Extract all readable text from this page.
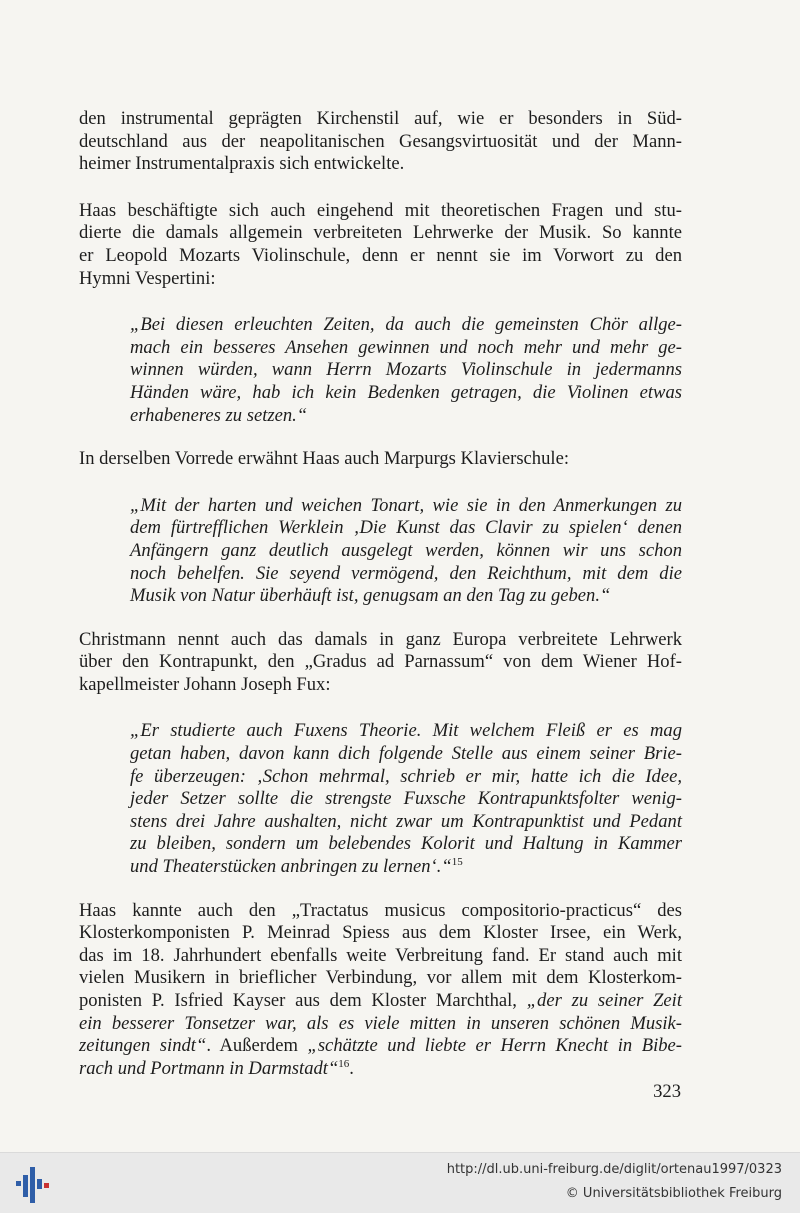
den instrumental geprägten Kirchenstil auf, wie er besonders in Süd-
deutschland aus der neapolitanischen Gesangsvirtuosität und der Mann-
heimer Instrumentalpraxis sich entwickelte.

Haas beschäftigte sich auch eingehend mit theoretischen Fragen und stu-
dierte die damals allgemein verbreiteten Lehrwerke der Musik. So kannte
er Leopold Mozarts Violinschule, denn er nennt sie im Vorwort zu den
Hymni Vespertini:

„Bei diesen erleuchten Zeiten, da auch die gemeinsten Chör allge-
mach ein besseres Ansehen gewinnen und noch mehr und mehr ge-
winnen würden, wann Herrn Mozarts Violinschule in jedermanns
Händen wäre, hab ich kein Bedenken getragen, die Violinen etwas
erhabeneres zu setzen.“

In derselben Vorrede erwähnt Haas auch Marpurgs Klavierschule:

„Mit der harten und weichen Tonart, wie sie in den Anmerkungen zu
dem fürtrefflichen Werklein ‚Die Kunst das Clavir zu spielen‘ denen
Anfängern ganz deutlich ausgelegt werden, können wir uns schon
noch behelfen. Sie seyend vermögend, den Reichthum, mit dem die
Musik von Natur überhäuft ist, genugsam an den Tag zu geben.“

Christmann nennt auch das damals in ganz Europa verbreitete Lehrwerk
über den Kontrapunkt, den „Gradus ad Parnassum“ von dem Wiener Hof-
kapellmeister Johann Joseph Fux:

„Er studierte auch Fuxens Theorie. Mit welchem Fleiß er es mag
getan haben, davon kann dich folgende Stelle aus einem seiner Brie-
fe überzeugen: ‚Schon mehrmal, schrieb er mir, hatte ich die Idee,
jeder Setzer sollte die strengste Fuxsche Kontrapunktsfolter wenig-
stens drei Jahre aushalten, nicht zwar um Kontrapunktist und Pedant
zu bleiben, sondern um belebendes Kolorit und Haltung in Kammer
und Theaterstücken anbringen zu lernen‘.“$^{15}$

Haas kannte auch den „Tractatus musicus compositorio-practicus“ des
Klosterkomponisten P. Meinrad Spiess aus dem Kloster Irsee, ein Werk,
das im 18. Jahrhundert ebenfalls weite Verbreitung fand. Er stand auch mit
vielen Musikern in brieflicher Verbindung, vor allem mit dem Klosterkom-
ponisten P. Isfried Kayser aus dem Kloster Marchthal, „der zu seiner Zeit
ein besserer Tonsetzer war, als es viele mitten in unseren schönen Musik-
zeitungen sindt“. Außerdem „schätzte und liebte er Herrn Knecht in Bibe-
rach und Portmann in Darmstadt“$^{16}$.

323
http://dl.ub.uni-freiburg.de/diglit/ortenau1997/0323
© Universitätsbibliothek Freiburg
